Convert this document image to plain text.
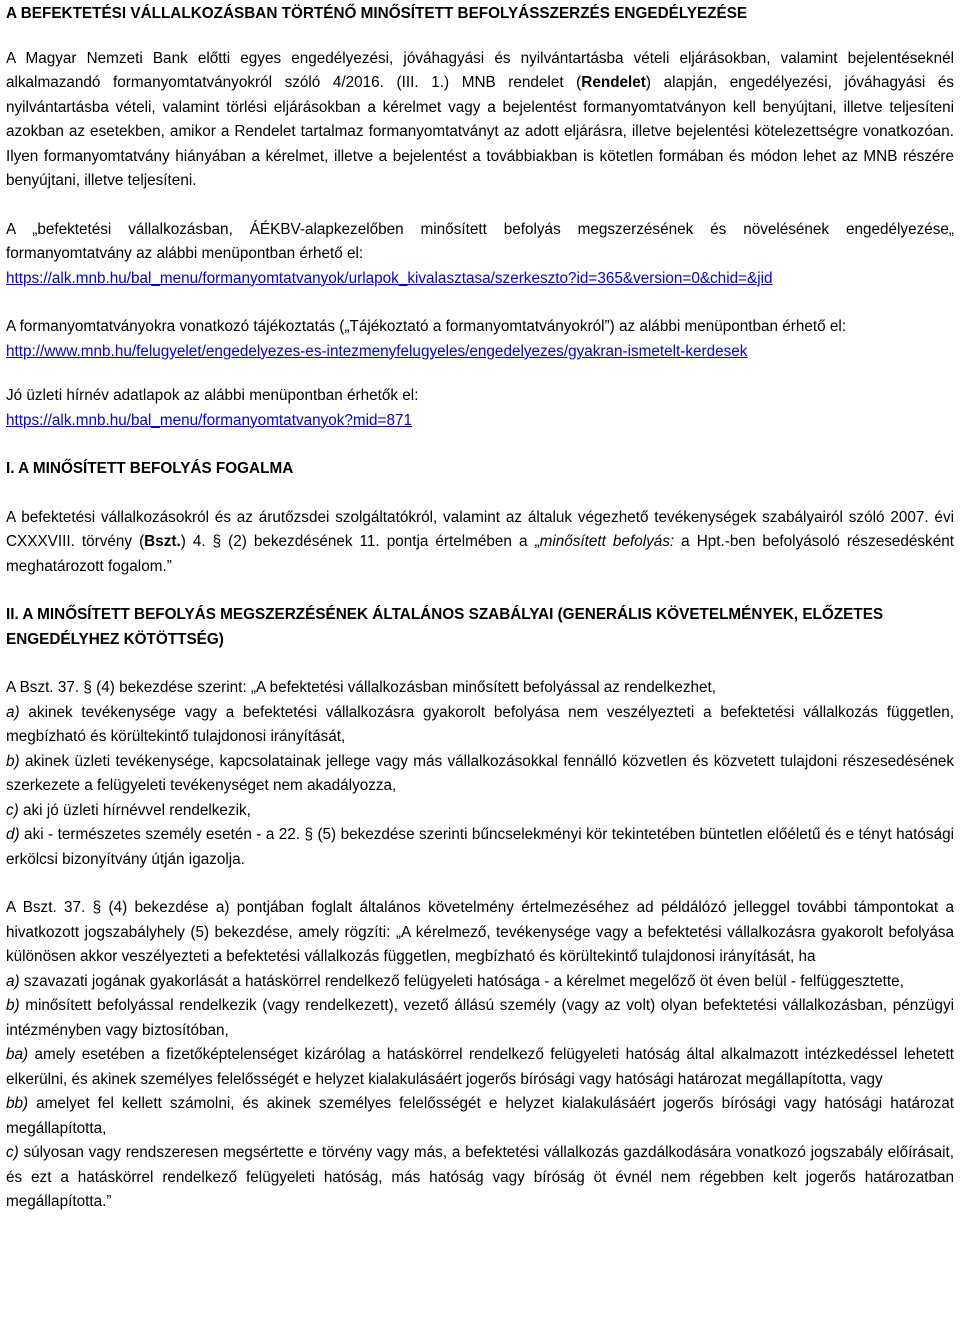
A BEFEKTETÉSI VÁLLALKOZÁSBAN TÖRTÉNŐ MINŐSÍTETT BEFOLYÁSSZERZÉS ENGEDÉLYEZÉSE

A Magyar Nemzeti Bank előtti egyes engedélyezési, jóváhagyási és nyilvántartásba vételi eljárásokban, valamint bejelentéseknél alkalmazandó formanyomtatványokról szóló 4/2016. (III. 1.) MNB rendelet (Rendelet) alapján, engedélyezési, jóváhagyási és nyilvántartásba vételi, valamint törlési eljárásokban a kérelmet vagy a bejelentést formanyomtatványon kell benyújtani, illetve teljesíteni azokban az esetekben, amikor a Rendelet tartalmaz formanyomtatványt az adott eljárásra, illetve bejelentési kötelezettségre vonatkozóan. Ilyen formanyomtatvány hiányában a kérelmet, illetve a bejelentést a továbbiakban is kötetlen formában és módon lehet az MNB részére benyújtani, illetve teljesíteni.

A „befektetési vállalkozásban, ÁÉKBV-alapkezelőben minősített befolyás megszerzésének és növelésének engedélyezése„ formanyomtatvány az alábbi menüpontban érhető el:

https://alk.mnb.hu/bal_menu/formanyomtatvanyok/urlapok_kivalasztasa/szerkeszto?id=365&version=0&chid=&jid

A formanyomtatványokra vonatkozó tájékoztatás („Tájékoztató a formanyomtatványokról”) az alábbi menüpontban érhető el:

http://www.mnb.hu/felugyelet/engedelyezes-es-intezmenyfelugyeles/engedelyezes/gyakran-ismetelt-kerdesek

Jó üzleti hírnév adatlapok az alábbi menüpontban érhetők el:

https://alk.mnb.hu/bal_menu/formanyomtatvanyok?mid=871

I. A MINŐSÍTETT BEFOLYÁS FOGALMA

A befektetési vállalkozásokról és az árutőzsdei szolgáltatókról, valamint az általuk végezhető tevékenységek szabályairól szóló 2007. évi CXXXVIII. törvény (Bszt.) 4. § (2) bekezdésének 11. pontja értelmében a „minősített befolyás: a Hpt.-ben befolyásoló részesedésként meghatározott fogalom.”

II. A MINŐSÍTETT BEFOLYÁS MEGSZERZÉSÉNEK ÁLTALÁNOS SZABÁLYAI (GENERÁLIS KÖVETELMÉNYEK, ELŐZETES ENGEDÉLYHEZ KÖTÖTTSÉG)

A Bszt. 37. § (4) bekezdése szerint: „A befektetési vállalkozásban minősített befolyással az rendelkezhet,

a) akinek tevékenysége vagy a befektetési vállalkozásra gyakorolt befolyása nem veszélyezteti a befektetési vállalkozás független, megbízható és körültekintő tulajdonosi irányítását,

b) akinek üzleti tevékenysége, kapcsolatainak jellege vagy más vállalkozásokkal fennálló közvetlen és közvetett tulajdoni részesedésének szerkezete a felügyeleti tevékenységet nem akadályozza,

c) aki jó üzleti hírnévvel rendelkezik,

d) aki - természetes személy esetén - a 22. § (5) bekezdése szerinti bűncselekményi kör tekintetében büntetlen előéletű és e tényt hatósági erkölcsi bizonyítvány útján igazolja.

A Bszt. 37. § (4) bekezdése a) pontjában foglalt általános követelmény értelmezéséhez ad példálózó jelleggel további támpontokat a hivatkozott jogszabályhely (5) bekezdése, amely rögzíti: „A kérelmező, tevékenysége vagy a befektetési vállalkozásra gyakorolt befolyása különösen akkor veszélyezteti a befektetési vállalkozás független, megbízható és körültekintő tulajdonosi irányítását, ha

a) szavazati jogának gyakorlását a hatáskörrel rendelkező felügyeleti hatósága - a kérelmet megelőző öt éven belül - felfüggesztette,

b) minősített befolyással rendelkezik (vagy rendelkezett), vezető állású személy (vagy az volt) olyan befektetési vállalkozásban, pénzügyi intézményben vagy biztosítóban,

ba) amely esetében a fizetőképtelenséget kizárólag a hatáskörrel rendelkező felügyeleti hatóság által alkalmazott intézkedéssel lehetett elkerülni, és akinek személyes felelősségét e helyzet kialakulásáért jogerős bírósági vagy hatósági határozat megállapította, vagy

bb) amelyet fel kellett számolni, és akinek személyes felelősségét e helyzet kialakulásáért jogerős bírósági vagy hatósági határozat megállapította,

c) súlyosan vagy rendszeresen megsértette e törvény vagy más, a befektetési vállalkozás gazdálkodására vonatkozó jogszabály előírásait, és ezt a hatáskörrel rendelkező felügyeleti hatóság, más hatóság vagy bíróság öt évnél nem régebben kelt jogerős határozatban megállapította.”
